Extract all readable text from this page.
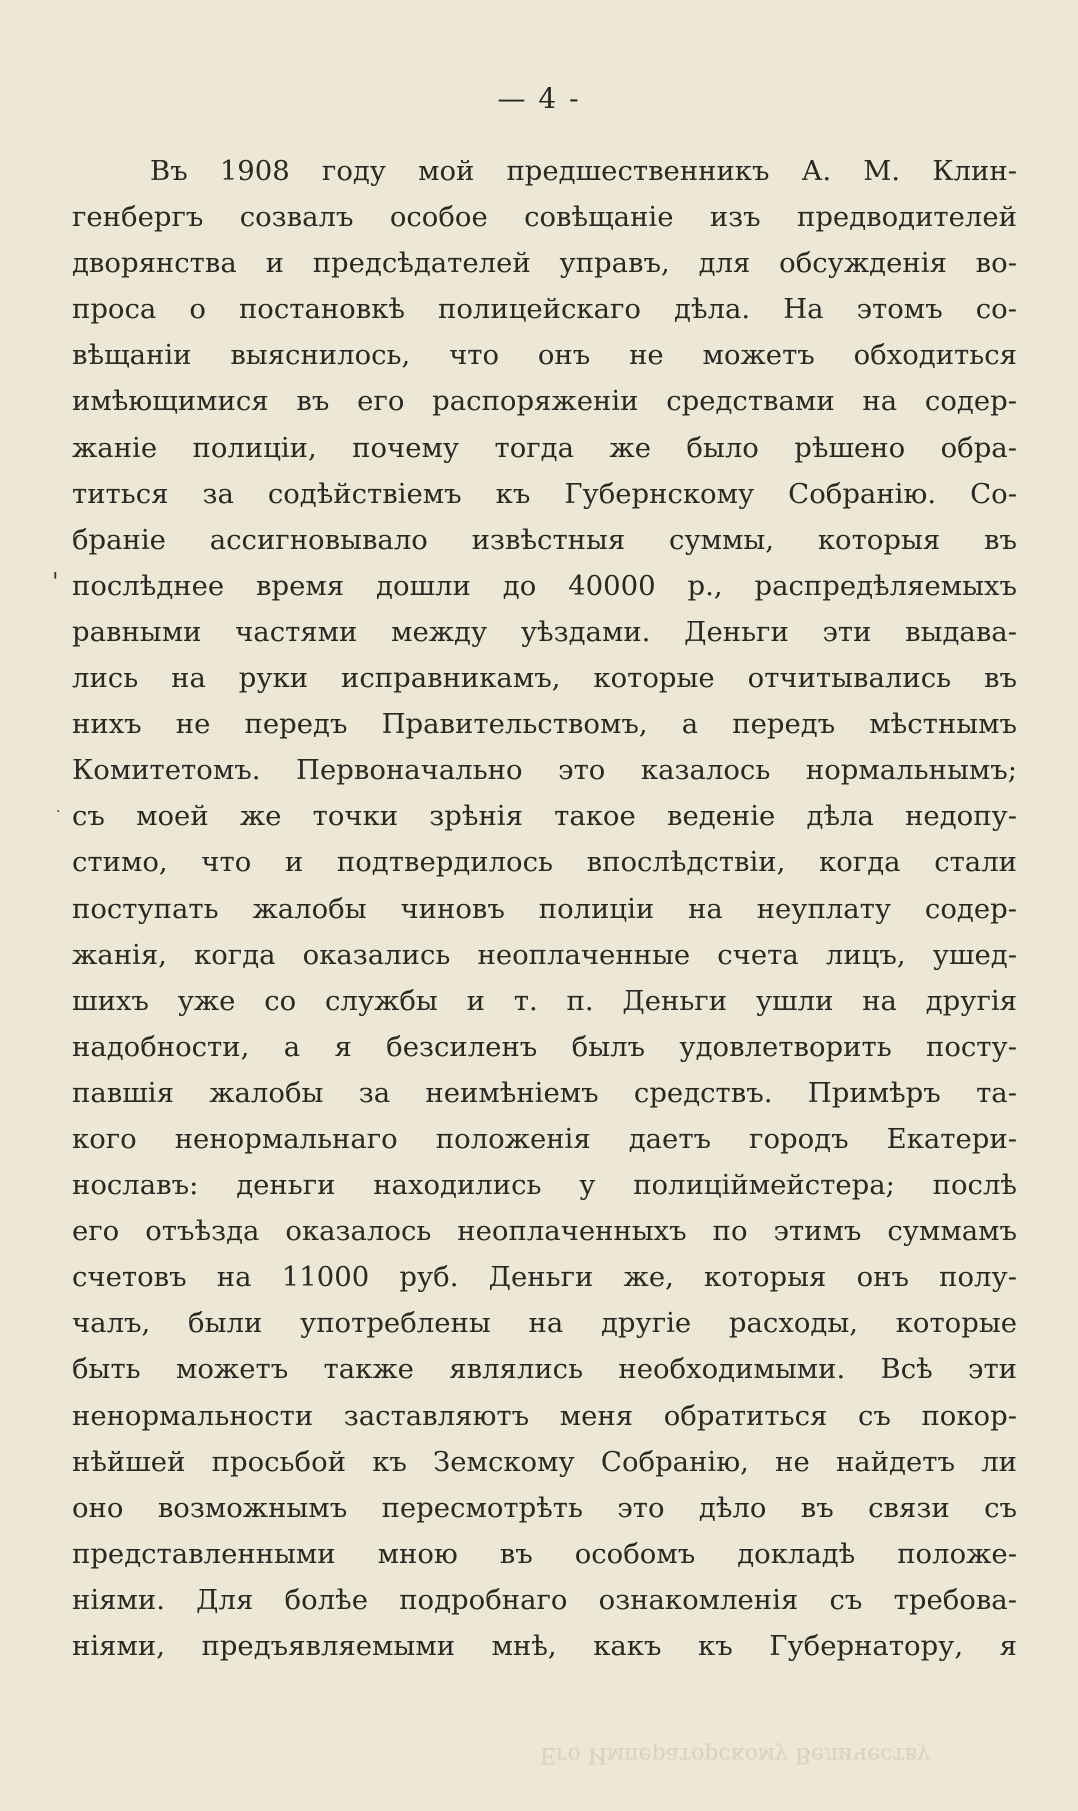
— 4 -
'
.
Въ 1908 году мой предшественникъ А. М. Клин-
генбергъ созвалъ особое совѣщаніе изъ предводителей
дворянства и предсѣдателей управъ, для обсужденія во-
проса о постановкѣ полицейскаго дѣла. На этомъ со-
вѣщаніи выяснилось, что онъ не можетъ обходиться
имѣющимися въ его распоряженіи средствами на содер-
жаніе полиціи, почему тогда же было рѣшено обра-
титься за содѣйствіемъ къ Губернскому Собранію. Со-
браніе ассигновывало извѣстныя суммы, которыя въ
послѣднее время дошли до 40000 р., распредѣляемыхъ
равными частями между уѣздами. Деньги эти выдава-
лись на руки исправникамъ, которые отчитывались въ
нихъ не передъ Правительствомъ, а передъ мѣстнымъ
Комитетомъ. Первоначально это казалось нормальнымъ;
съ моей же точки зрѣнія такое веденіе дѣла недопу-
стимо, что и подтвердилось впослѣдствіи, когда стали
поступать жалобы чиновъ полиціи на неуплату содер-
жанія, когда оказались неоплаченные счета лицъ, ушед-
шихъ уже со службы и т. п. Деньги ушли на другія
надобности, а я безсиленъ былъ удовлетворить посту-
павшія жалобы за неимѣніемъ средствъ. Примѣръ та-
кого ненормальнаго положенія даетъ городъ Екатери-
нославъ: деньги находились у полиціймейстера; послѣ
его отъѣзда оказалось неоплаченныхъ по этимъ суммамъ
счетовъ на 11000 руб. Деньги же, которыя онъ полу-
чалъ, были употреблены на другіе расходы, которые
быть можетъ также являлись необходимыми. Всѣ эти
ненормальности заставляютъ меня обратиться съ покор-
нѣйшей просьбой къ Земскому Собранію, не найдетъ ли
оно возможнымъ пересмотрѣть это дѣло въ связи съ
представленными мною въ особомъ докладѣ положе-
ніями. Для болѣе подробнаго ознакомленія съ требова-
ніями, предъявляемыми мнѣ, какъ къ Губернатору, я
Его Императорскому Величеству
